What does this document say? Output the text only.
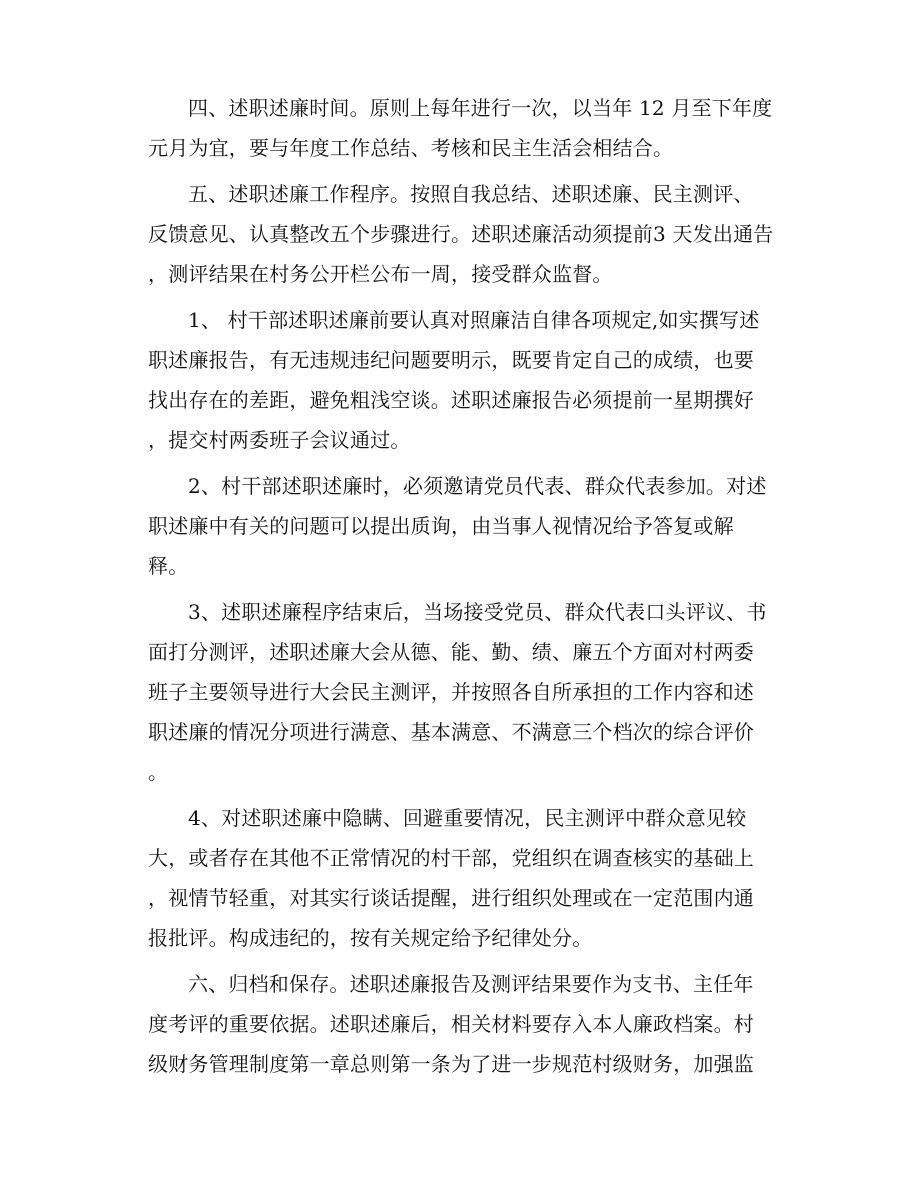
四、述职述廉时间。原则上每年进行一次，以当年 12 月至下年度
元月为宜，要与年度工作总结、考核和民主生活会相结合。

五、述职述廉工作程序。按照自我总结、述职述廉、民主测评、
反馈意见、认真整改五个步骤进行。述职述廉活动须提前3 天发出通告
，测评结果在村务公开栏公布一周，接受群众监督。

1、 村干部述职述廉前要认真对照廉洁自律各项规定,如实撰写述
职述廉报告，有无违规违纪问题要明示，既要肯定自己的成绩，也要
找出存在的差距，避免粗浅空谈。述职述廉报告必须提前一星期撰好
，提交村两委班子会议通过。

2、村干部述职述廉时，必须邀请党员代表、群众代表参加。对述
职述廉中有关的问题可以提出质询，由当事人视情况给予答复或解
释。

3、述职述廉程序结束后，当场接受党员、群众代表口头评议、书
面打分测评，述职述廉大会从德、能、勤、绩、廉五个方面对村两委
班子主要领导进行大会民主测评，并按照各自所承担的工作内容和述
职述廉的情况分项进行满意、基本满意、不满意三个档次的综合评价
。

4、对述职述廉中隐瞒、回避重要情况，民主测评中群众意见较
大，或者存在其他不正常情况的村干部，党组织在调查核实的基础上
，视情节轻重，对其实行谈话提醒，进行组织处理或在一定范围内通
报批评。构成违纪的，按有关规定给予纪律处分。

六、归档和保存。述职述廉报告及测评结果要作为支书、主任年
度考评的重要依据。述职述廉后，相关材料要存入本人廉政档案。村
级财务管理制度第一章总则第一条为了进一步规范村级财务，加强监
